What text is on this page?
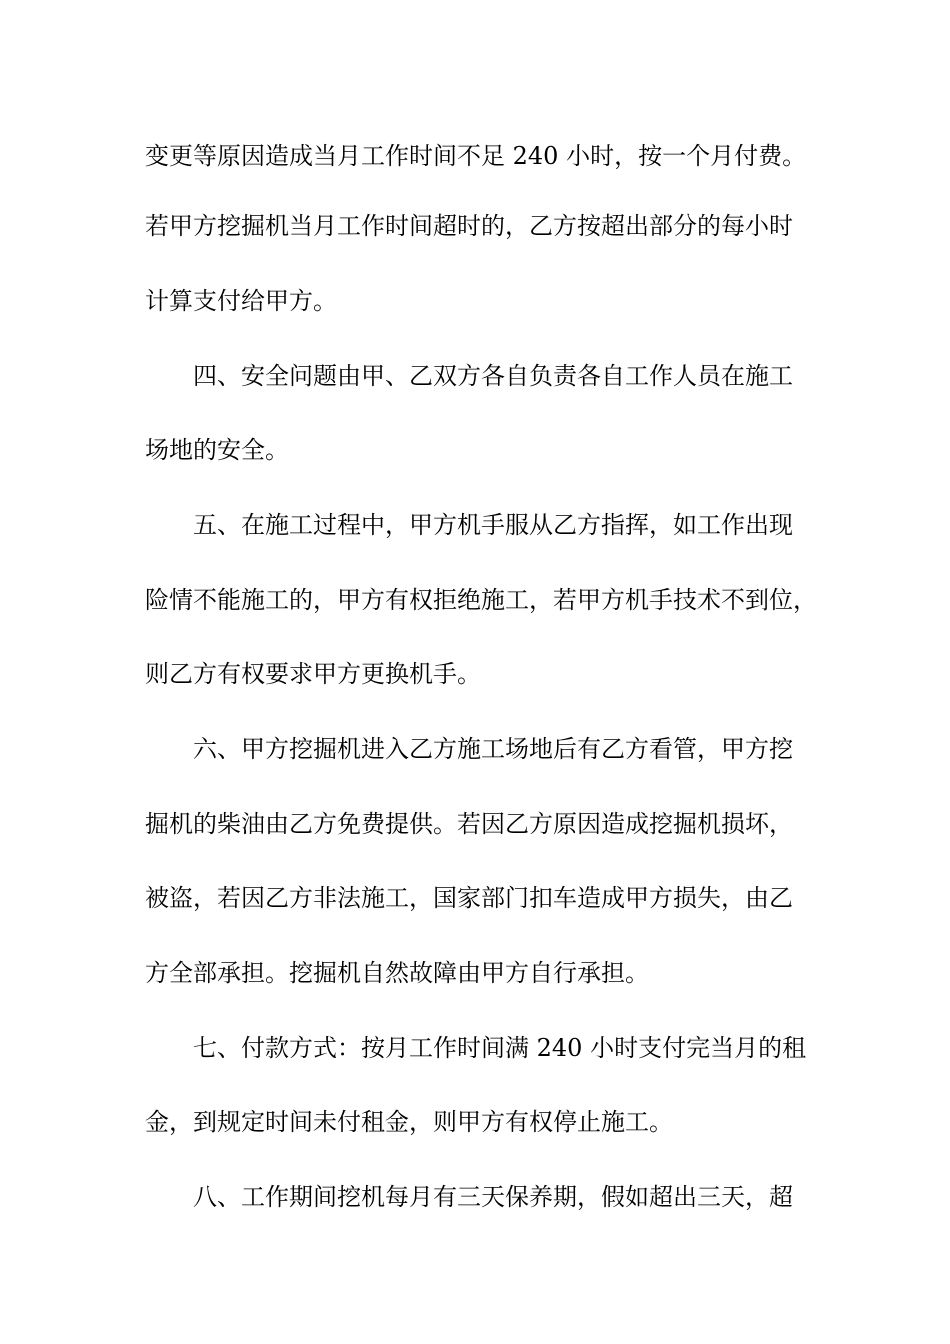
变更等原因造成当月工作时间不足 240 小时，按一个月付费。
若甲方挖掘机当月工作时间超时的，乙方按超出部分的每小时
计算支付给甲方。
四、安全问题由甲、乙双方各自负责各自工作人员在施工
场地的安全。
五、在施工过程中，甲方机手服从乙方指挥，如工作出现
险情不能施工的，甲方有权拒绝施工，若甲方机手技术不到位，
则乙方有权要求甲方更换机手。
六、甲方挖掘机进入乙方施工场地后有乙方看管，甲方挖
掘机的柴油由乙方免费提供。若因乙方原因造成挖掘机损坏，
被盗，若因乙方非法施工，国家部门扣车造成甲方损失，由乙
方全部承担。挖掘机自然故障由甲方自行承担。
七、付款方式：按月工作时间满 240 小时支付完当月的租
金，到规定时间未付租金，则甲方有权停止施工。
八、工作期间挖机每月有三天保养期，假如超出三天，超
